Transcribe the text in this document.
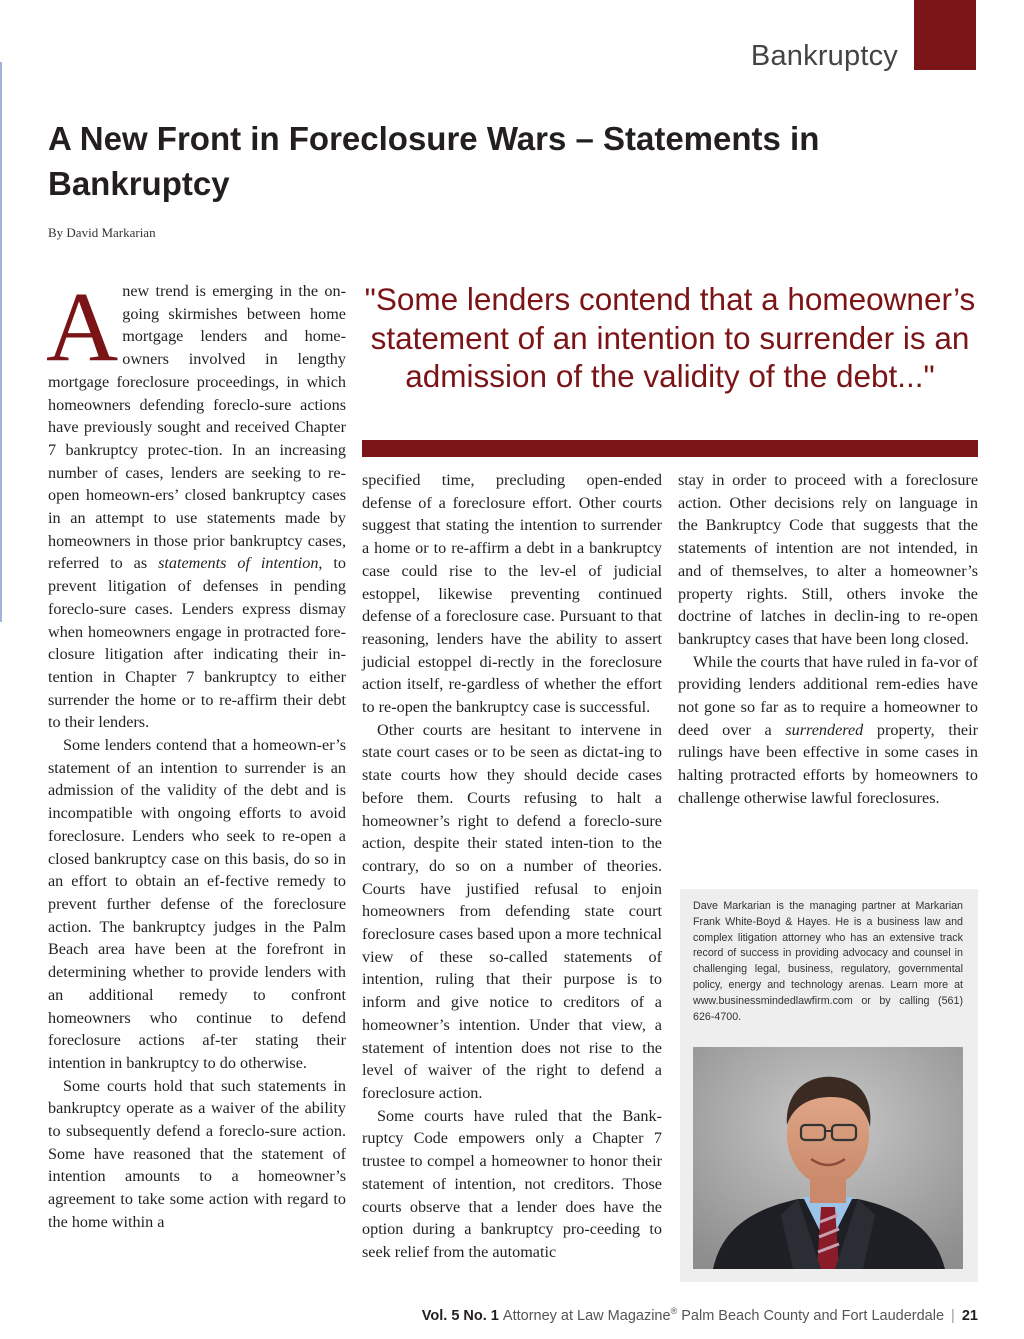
Bankruptcy
A New Front in Foreclosure Wars – Statements in Bankruptcy
By David Markarian

Anew trend is emerging in the on-going skirmishes between home mortgage lenders and home-owners involved in lengthy mortgage foreclosure proceedings, in which homeowners defending foreclo-sure actions have previously sought and received Chapter 7 bankruptcy protec-tion. In an increasing number of cases, lenders are seeking to re-open homeown-ers’ closed bankruptcy cases in an attempt to use statements made by homeowners in those prior bankruptcy cases, referred to as statements of intention, to prevent litigation of defenses in pending foreclo-sure cases. Lenders express dismay when homeowners engage in protracted fore-closure litigation after indicating their in-tention in Chapter 7 bankruptcy to either surrender the home or to re-affirm their debt to their lenders.

Some lenders contend that a homeown-er’s statement of an intention to surrender is an admission of the validity of the debt and is incompatible with ongoing efforts to avoid foreclosure. Lenders who seek to re-open a closed bankruptcy case on this basis, do so in an effort to obtain an ef-fective remedy to prevent further defense of the foreclosure action. The bankruptcy judges in the Palm Beach area have been at the forefront in determining whether to provide lenders with an additional remedy to confront homeowners who continue to defend foreclosure actions af-ter stating their intention in bankruptcy to do otherwise.

Some courts hold that such statements in bankruptcy operate as a waiver of the ability to subsequently defend a foreclo-sure action. Some have reasoned that the statement of intention amounts to a homeowner’s agreement to take some action with regard to the home within a

"Some lenders contend that a homeowner’s statement of an intention to surrender is an admission of the validity of the debt..."

specified time, precluding open-ended defense of a foreclosure effort. Other courts suggest that stating the intention to surrender a home or to re-affirm a debt in a bankruptcy case could rise to the lev-el of judicial estoppel, likewise preventing continued defense of a foreclosure case. Pursuant to that reasoning, lenders have the ability to assert judicial estoppel di-rectly in the foreclosure action itself, re-gardless of whether the effort to re-open the bankruptcy case is successful.

Other courts are hesitant to intervene in state court cases or to be seen as dictat-ing to state courts how they should decide cases before them. Courts refusing to halt a homeowner’s right to defend a foreclo-sure action, despite their stated inten-tion to the contrary, do so on a number of theories. Courts have justified refusal to enjoin homeowners from defending state court foreclosure cases based upon a more technical view of these so-called statements of intention, ruling that their purpose is to inform and give notice to creditors of a homeowner’s intention. Under that view, a statement of intention does not rise to the level of waiver of the right to defend a foreclosure action.

Some courts have ruled that the Bank-ruptcy Code empowers only a Chapter 7 trustee to compel a homeowner to honor their statement of intention, not creditors. Those courts observe that a lender does have the option during a bankruptcy pro-ceeding to seek relief from the automatic

stay in order to proceed with a foreclosure action. Other decisions rely on language in the Bankruptcy Code that suggests that the statements of intention are not intended, in and of themselves, to alter a homeowner’s property rights. Still, others invoke the doctrine of latches in declin-ing to re-open bankruptcy cases that have been long closed.

While the courts that have ruled in fa-vor of providing lenders additional rem-edies have not gone so far as to require a homeowner to deed over a surrendered property, their rulings have been effective in some cases in halting protracted efforts by homeowners to challenge otherwise lawful foreclosures.

Dave Markarian is the managing partner at Markarian Frank White-Boyd & Hayes. He is a business law and complex litigation attorney who has an extensive track record of success in providing advocacy and counsel in challenging legal, business, regulatory, governmental policy, energy and technology arenas. Learn more at www.businessmindedlawfirm.com or by calling (561) 626-4700.

Vol. 5 No. 1 Attorney at Law Magazine® Palm Beach County and Fort Lauderdale | 21
